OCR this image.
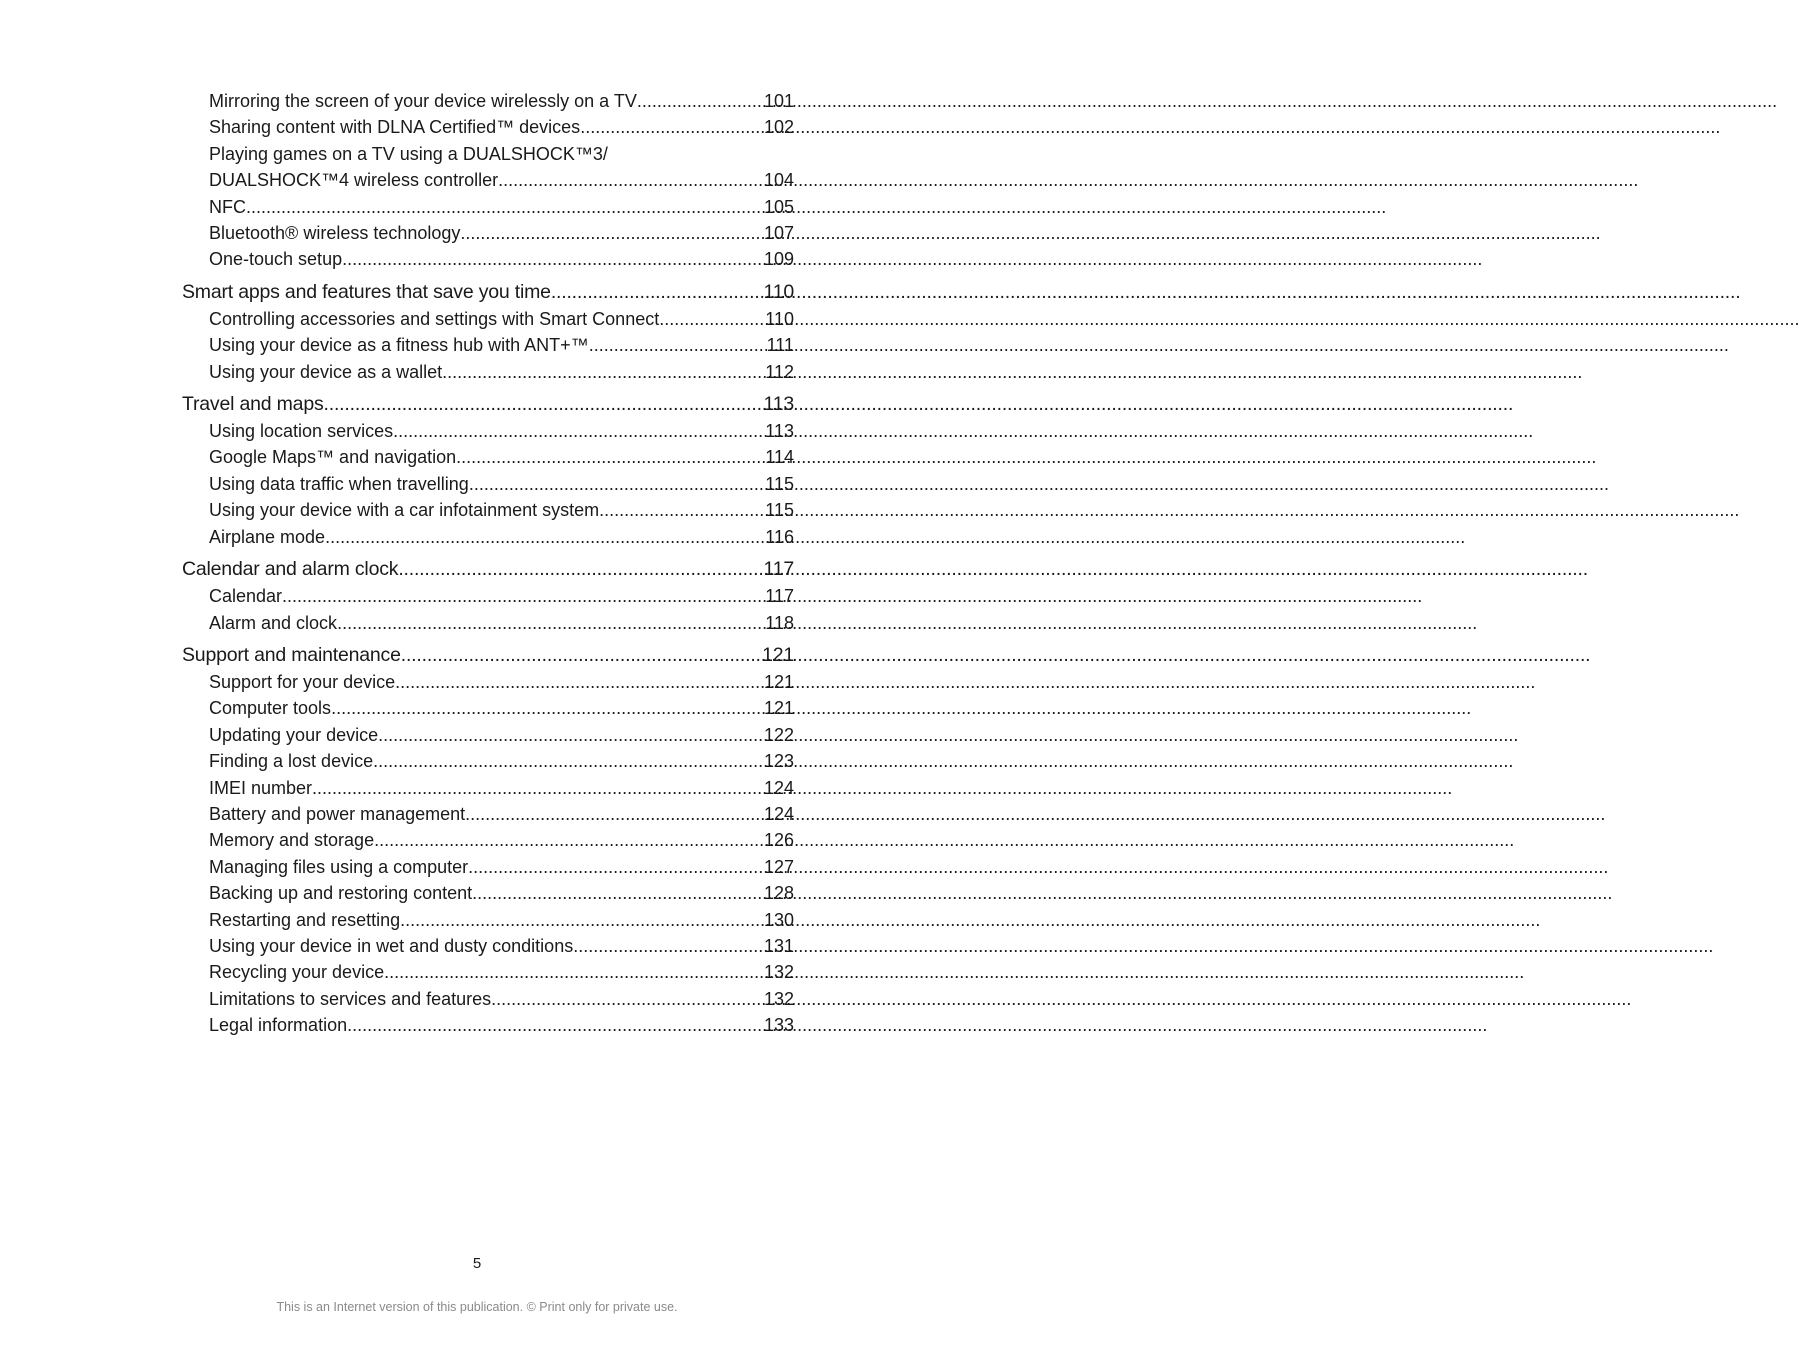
Mirroring the screen of your device wirelessly on a TV .....	101
Sharing content with DLNA Certified™ devices .....	102
Playing games on a TV using a DUALSHOCK™3/
DUALSHOCK™4 wireless controller .....	104
NFC .....	105
Bluetooth® wireless technology .....	107
One-touch setup .....	109
Smart apps and features that save you time .....	110
Controlling accessories and settings with Smart Connect .....	110
Using your device as a fitness hub with ANT+™ .....	111
Using your device as a wallet .....	112
Travel and maps .....	113
Using location services .....	113
Google Maps™ and navigation .....	114
Using data traffic when travelling .....	115
Using your device with a car infotainment system .....	115
Airplane mode .....	116
Calendar and alarm clock .....	117
Calendar .....	117
Alarm and clock .....	118
Support and maintenance .....	121
Support for your device .....	121
Computer tools .....	121
Updating your device .....	122
Finding a lost device .....	123
IMEI number .....	124
Battery and power management .....	124
Memory and storage .....	126
Managing files using a computer .....	127
Backing up and restoring content .....	128
Restarting and resetting .....	130
Using your device in wet and dusty conditions .....	131
Recycling your device .....	132
Limitations to services and features .....	132
Legal information .....	133
5
This is an Internet version of this publication. © Print only for private use.
